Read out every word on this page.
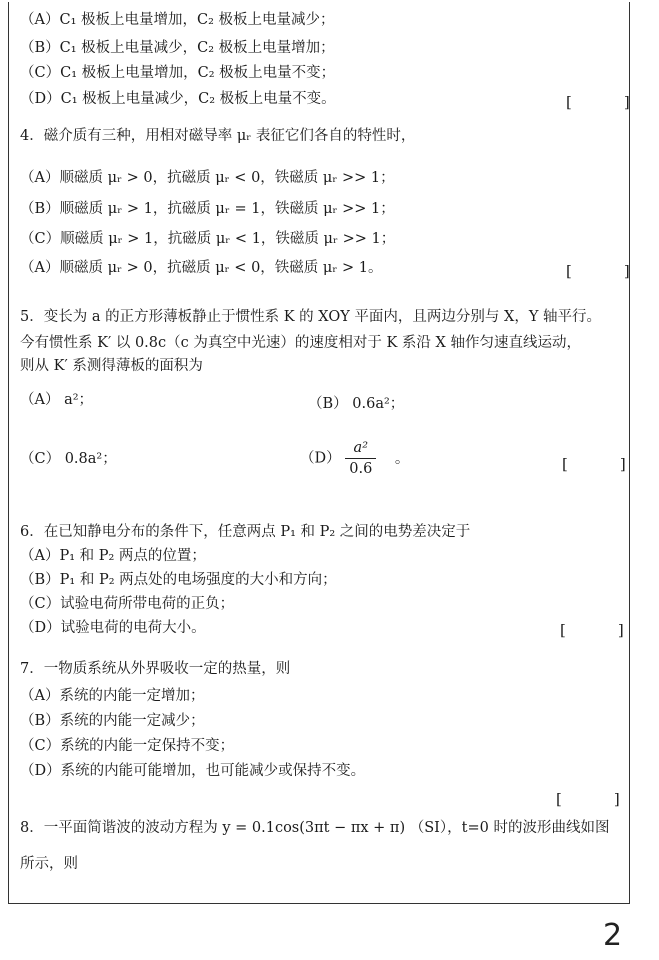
（A）C₁ 极板上电量增加，C₂ 极板上电量减少；
（B）C₁ 极板上电量减少，C₂ 极板上电量增加；
（C）C₁ 极板上电量增加，C₂ 极板上电量不变；
（D）C₁ 极板上电量减少，C₂ 极板上电量不变。	[	]
4．磁介质有三种，用相对磁导率 μᵣ 表征它们各自的特性时，
（A）顺磁质 μᵣ > 0，抗磁质 μᵣ < 0，铁磁质 μᵣ >> 1；
（B）顺磁质 μᵣ > 1，抗磁质 μᵣ = 1，铁磁质 μᵣ >> 1；
（C）顺磁质 μᵣ > 1，抗磁质 μᵣ < 1，铁磁质 μᵣ >> 1；
（A）顺磁质 μᵣ > 0，抗磁质 μᵣ < 0，铁磁质 μᵣ > 1。	[	]
5．变长为 a 的正方形薄板静止于惯性系 K 的 XOY 平面内，且两边分别与 X，Y 轴平行。
今有惯性系 K′ 以 0.8c（c 为真空中光速）的速度相对于 K 系沿 X 轴作匀速直线运动，
则从 K′ 系测得薄板的面积为
（A） a²；	（B） 0.6a²；
（C） 0.8a²；	$(D) \frac{\text{a²}}{0.6}$ 。	[	]
6．在已知静电分布的条件下，任意两点 P₁ 和 P₂ 之间的电势差决定于
（A）P₁ 和 P₂ 两点的位置；
（B）P₁ 和 P₂ 两点处的电场强度的大小和方向；
（C）试验电荷所带电荷的正负；
（D）试验电荷的电荷大小。	[	]
7．一物质系统从外界吸收一定的热量，则
（A）系统的内能一定增加；
（B）系统的内能一定减少；
（C）系统的内能一定保持不变；
（D）系统的内能可能增加，也可能减少或保持不变。
[	]
8．一平面简谐波的波动方程为 y = 0.1cos(3πt − πx + π) （SI），t=0 时的波形曲线如图
所示，则
2
